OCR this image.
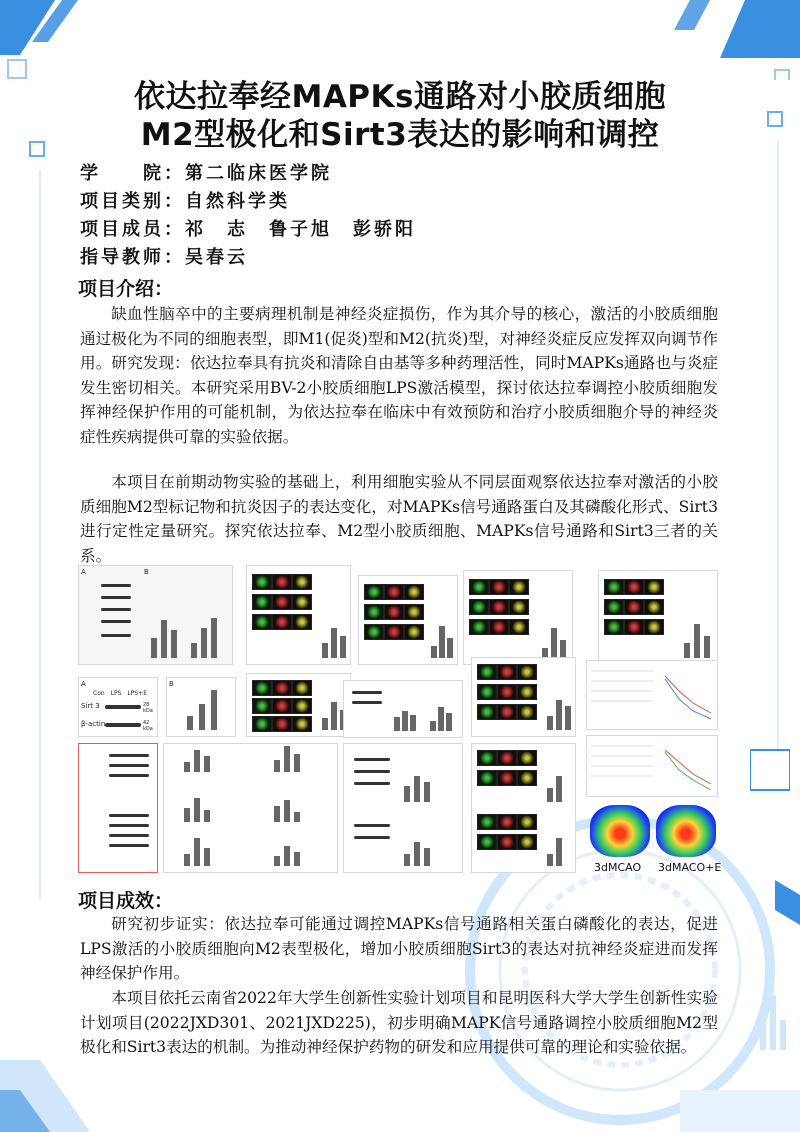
依达拉奉经MAPKs通路对小胶质细胞
M2型极化和Sirt3表达的影响和调控
学　　院：第二临床医学院
项目类别：自然科学类
项目成员：祁　志　鲁子旭　彭骄阳
指导教师：吴春云
项目介绍：
缺血性脑卒中的主要病理机制是神经炎症损伤，作为其介导的核心，激活的小胶质细胞通过极化为不同的细胞表型，即M1(促炎)型和M2(抗炎)型，对神经炎症反应发挥双向调节作用。研究发现：依达拉奉具有抗炎和清除自由基等多种药理活性，同时MAPKs通路也与炎症发生密切相关。本研究采用BV-2小胶质细胞LPS激活模型，探讨依达拉奉调控小胶质细胞发挥神经保护作用的可能机制，为依达拉奉在临床中有效预防和治疗小胶质细胞介导的神经炎症性疾病提供可靠的实验依据。
本项目在前期动物实验的基础上，利用细胞实验从不同层面观察依达拉奉对激活的小胶质细胞M2型标记物和抗炎因子的表达变化，对MAPKs信号通路蛋白及其磷酸化形式、Sirt3进行定性定量研究。探究依达拉奉、M2型小胶质细胞、MAPKs信号通路和Sirt3三者的关系。
A	B
A
Con　LPS　LPS+E
Sirt 3	28 kDa
β-actin	42 kDa
B
3dMCAO 3dMACO+E
项目成效：
研究初步证实：依达拉奉可能通过调控MAPKs信号通路相关蛋白磷酸化的表达，促进LPS激活的小胶质细胞向M2表型极化，增加小胶质细胞Sirt3的表达对抗神经炎症进而发挥神经保护作用。
本项目依托云南省2022年大学生创新性实验计划项目和昆明医科大学大学生创新性实验计划项目(2022JXD301、2021JXD225)，初步明确MAPK信号通路调控小胶质细胞M2型极化和Sirt3表达的机制。为推动神经保护药物的研发和应用提供可靠的理论和实验依据。
